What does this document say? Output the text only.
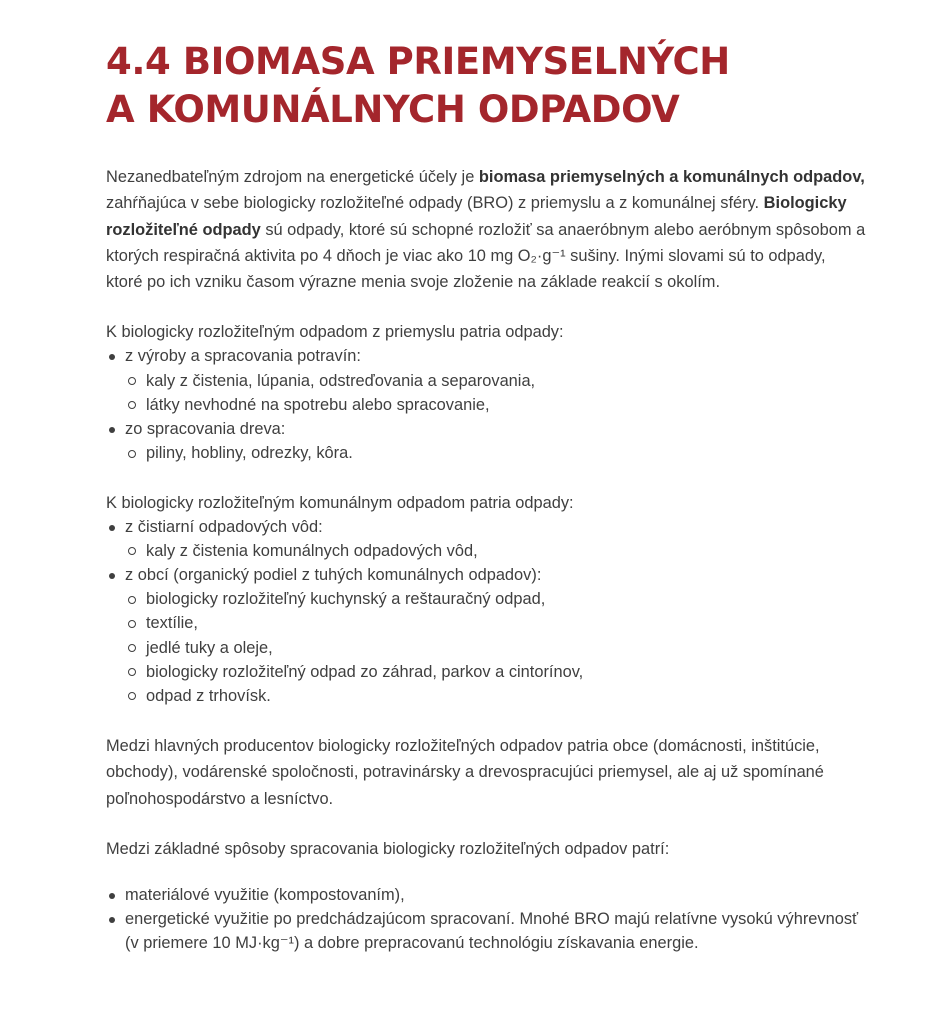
4.4 BIOMASA PRIEMYSELNÝCH
A KOMUNÁLNYCH ODPADOV

Nezanedbateľným zdrojom na energetické účely je biomasa priemyselných a komunálnych odpadov, zahŕňajúca v sebe biologicky rozložiteľné odpady (BRO) z priemyslu a z komunálnej sféry. Biologicky rozložiteľné odpady sú odpady, ktoré sú schopné rozložiť sa anaeróbnym alebo aeróbnym spôsobom a ktorých respiračná aktivita po 4 dňoch je viac ako 10 mg O₂·g⁻¹ sušiny. Inými slovami sú to odpady, ktoré po ich vzniku časom výrazne menia svoje zloženie na základe reakcií s okolím.

K biologicky rozložiteľným odpadom z priemyslu patria odpady:

z výroby a spracovania potravín:
kaly z čistenia, lúpania, odstreďovania a separovania,
látky nevhodné na spotrebu alebo spracovanie,
zo spracovania dreva:
piliny, hobliny, odrezky, kôra.

K biologicky rozložiteľným komunálnym odpadom patria odpady:

z čistiarní odpadových vôd:
kaly z čistenia komunálnych odpadových vôd,
z obcí (organický podiel z tuhých komunálnych odpadov):
biologicky rozložiteľný kuchynský a reštauračný odpad,
textílie,
jedlé tuky a oleje,
biologicky rozložiteľný odpad zo záhrad, parkov a cintorínov,
odpad z trhovísk.

Medzi hlavných producentov biologicky rozložiteľných odpadov patria obce (domácnosti, inštitúcie, obchody), vodárenské spoločnosti, potravinársky a drevospracujúci priemysel, ale aj už spomínané poľnohospodárstvo a lesníctvo.

Medzi základné spôsoby spracovania biologicky rozložiteľných odpadov patrí:

materiálové využitie (kompostovaním),
energetické využitie po predchádzajúcom spracovaní. Mnohé BRO majú relatívne vysokú výhrevnosť (v priemere 10 MJ·kg⁻¹) a dobre prepracovanú technológiu získavania energie.
